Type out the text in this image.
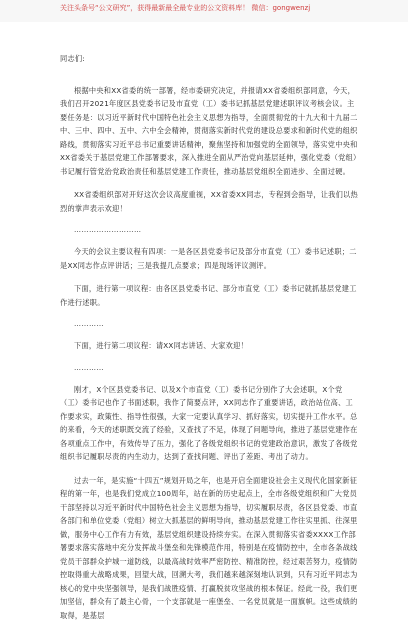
关注头条号“公文研究”，获得最新最全最专业的公文资料库！ 微信：gongwenzj

同志们:

根据中央和XX省委的统一部署，经市委研究决定，并报请XX省委组织部同意，今天，我们召开2021年度区县党委书记及市直党（工）委书记抓基层党建述职评议考核会议。主要任务是：以习近平新时代中国特色社会主义思想为指导，全面贯彻党的十九大和十九届二中、三中、四中、五中、六中全会精神，贯彻落实新时代党的建设总要求和新时代党的组织路线，贯彻落实习近平总书记重要讲话精神，聚焦坚持和加强党的全面领导，落实党中央和XX省委关于基层党建工作部署要求，深入推进全面从严治党向基层延伸，强化党委（党组）书记履行管党治党政治责任和基层党建工作责任，推动基层党组织全面进步、全面过硬。

XX省委组织部对开好这次会议高度重视，XX省委XX同志，专程到会指导，让我们以热烈的掌声表示欢迎！

………………………

今天的会议主要议程有四项：一是各区县党委书记及部分市直党（工）委书记述职；二是XX同志作点评讲话；三是我提几点要求；四是现场评议测评。

下面，进行第一项议程：由各区县党委书记、部分市直党（工）委书记就抓基层党建工作进行述职。

…………

下面，进行第二项议程：请XX同志讲话、大家欢迎！

…………

刚才，X个区县党委书记、以及X个市直党（工）委书记分别作了大会述职，X个党（工）委书记也作了书面述职，我作了简要点评，XX同志作了重要讲话，政治站位高、工作要求实，政策性、指导性很强，大家一定要认真学习、抓好落实，切实提升工作水平。总的来看，今天的述职既交流了经验，又查找了不足，体现了问题导向，推进了基层党建作在各项重点工作中，有效传导了压力，强化了各级党组织书记的党建政治意识，激发了各级党组织书记履职尽责的内生动力，达到了查找问题、评出了差距、考出了动力。

过去一年，是实施“十四五”规划开局之年，也是开启全面建设社会主义现代化国家新征程的第一年，也是我们党成立100周年，站在新的历史起点上，全市各级党组织和广大党员干部坚持以习近平新时代中国特色社会主义思想为指导，切实履职尽责，各区县党委、市直各部门和单位党委（党组）树立大抓基层的鲜明导向，推动基层党建工作往实里抓、往深里做，服务中心工作有力有效，基层党组织建设持续夯实。在深入贯彻落实省委XXXX工作部署要求落实落地中充分发挥战斗堡垒和先锋模范作用，特别是在疫情防控中，全市各条战线党员干部群众护城一道防线，以最高战时效率严密防控、精准防控，经过艰苦努力，疫情防控取得重大战略成果，回望大战，回溯大考，我们越来越深刻地认识到，只有习近平同志为核心的党中央坚强领导，是我们战胜疫情、打赢脱贫攻坚战的根本保证。经此一役，我们更加坚信，群众有了最主心骨，一个支部就是一座堡垒、一名党员就是一面旗帜。这些成绩的取得，是基层
